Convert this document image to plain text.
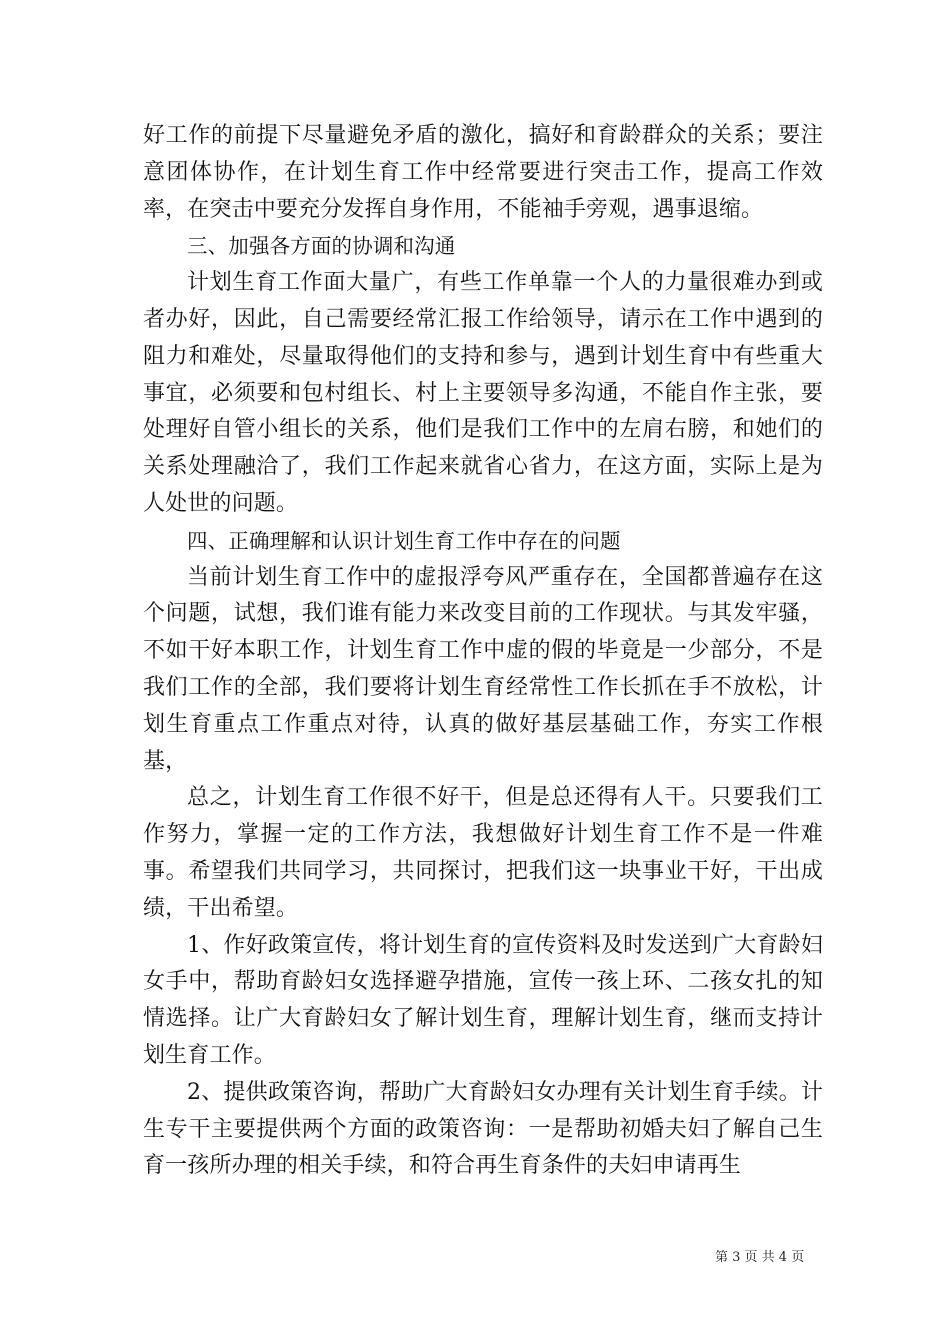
好工作的前提下尽量避免矛盾的激化，搞好和育龄群众的关系；要注意团体协作，在计划生育工作中经常要进行突击工作，提高工作效率，在突击中要充分发挥自身作用，不能袖手旁观，遇事退缩。

三、加强各方面的协调和沟通

计划生育工作面大量广，有些工作单靠一个人的力量很难办到或者办好，因此，自己需要经常汇报工作给领导，请示在工作中遇到的阻力和难处，尽量取得他们的支持和参与，遇到计划生育中有些重大事宜，必须要和包村组长、村上主要领导多沟通，不能自作主张，要处理好自管小组长的关系，他们是我们工作中的左肩右膀，和她们的关系处理融洽了，我们工作起来就省心省力，在这方面，实际上是为人处世的问题。

四、正确理解和认识计划生育工作中存在的问题

当前计划生育工作中的虚报浮夸风严重存在，全国都普遍存在这个问题，试想，我们谁有能力来改变目前的工作现状。与其发牢骚，不如干好本职工作，计划生育工作中虚的假的毕竟是一少部分，不是我们工作的全部，我们要将计划生育经常性工作长抓在手不放松，计划生育重点工作重点对待，认真的做好基层基础工作，夯实工作根基，

总之，计划生育工作很不好干，但是总还得有人干。只要我们工作努力，掌握一定的工作方法，我想做好计划生育工作不是一件难事。希望我们共同学习，共同探讨，把我们这一块事业干好，干出成绩，干出希望。

1、作好政策宣传，将计划生育的宣传资料及时发送到广大育龄妇女手中，帮助育龄妇女选择避孕措施，宣传一孩上环、二孩女扎的知情选择。让广大育龄妇女了解计划生育，理解计划生育，继而支持计划生育工作。

2、提供政策咨询，帮助广大育龄妇女办理有关计划生育手续。计生专干主要提供两个方面的政策咨询：一是帮助初婚夫妇了解自己生育一孩所办理的相关手续，和符合再生育条件的夫妇申请再生

第 3 页 共 4 页
